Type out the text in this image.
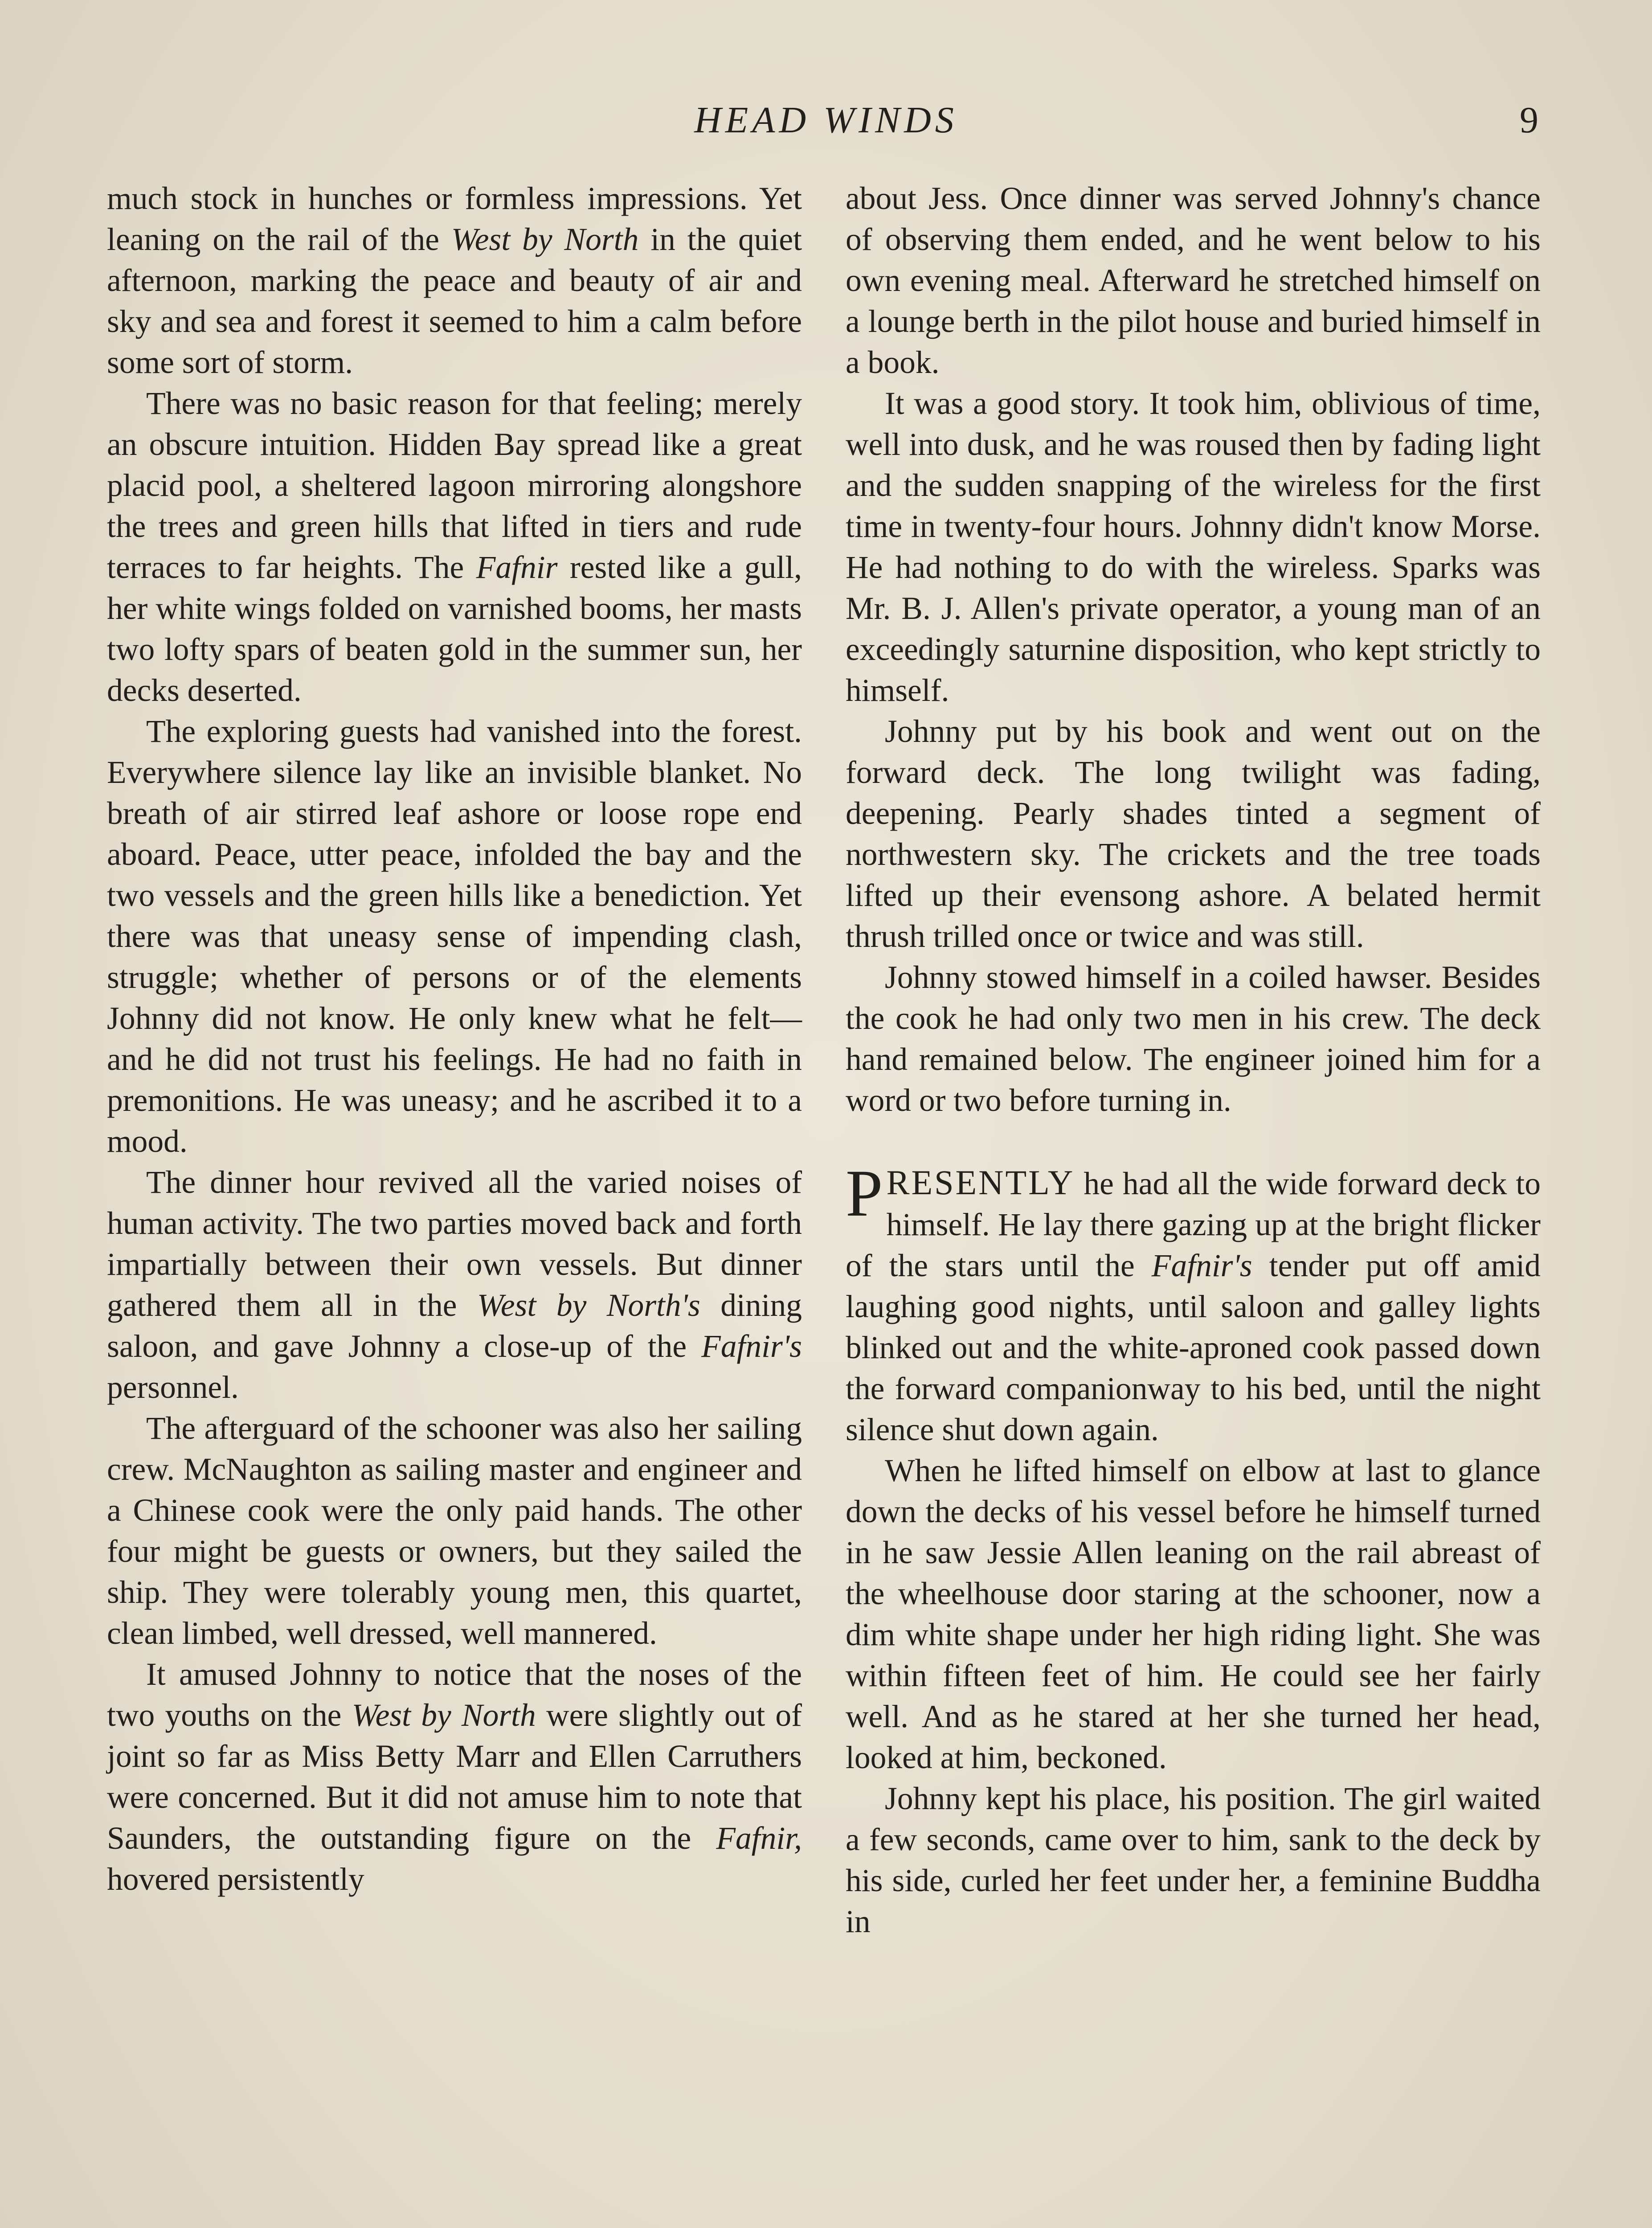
HEAD WINDS	9

much stock in hunches or formless impressions. Yet leaning on the rail of the West by North in the quiet afternoon, marking the peace and beauty of air and sky and sea and forest it seemed to him a calm before some sort of storm.

There was no basic reason for that feeling; merely an obscure intuition. Hidden Bay spread like a great placid pool, a sheltered lagoon mirroring alongshore the trees and green hills that lifted in tiers and rude terraces to far heights. The Fafnir rested like a gull, her white wings folded on varnished booms, her masts two lofty spars of beaten gold in the summer sun, her decks deserted.

The exploring guests had vanished into the forest. Everywhere silence lay like an invisible blanket. No breath of air stirred leaf ashore or loose rope end aboard. Peace, utter peace, infolded the bay and the two vessels and the green hills like a benediction. Yet there was that uneasy sense of impending clash, struggle; whether of persons or of the elements Johnny did not know. He only knew what he felt—and he did not trust his feelings. He had no faith in premonitions. He was uneasy; and he ascribed it to a mood.

The dinner hour revived all the varied noises of human activity. The two parties moved back and forth impartially between their own vessels. But dinner gathered them all in the West by North's dining saloon, and gave Johnny a close-up of the Fafnir's personnel.

The afterguard of the schooner was also her sailing crew. McNaughton as sailing master and engineer and a Chinese cook were the only paid hands. The other four might be guests or owners, but they sailed the ship. They were tolerably young men, this quartet, clean limbed, well dressed, well mannered.

It amused Johnny to notice that the noses of the two youths on the West by North were slightly out of joint so far as Miss Betty Marr and Ellen Carruthers were concerned. But it did not amuse him to note that Saunders, the outstanding figure on the Fafnir, hovered persistently

about Jess. Once dinner was served Johnny's chance of observing them ended, and he went below to his own evening meal. Afterward he stretched himself on a lounge berth in the pilot house and buried himself in a book.

It was a good story. It took him, oblivious of time, well into dusk, and he was roused then by fading light and the sudden snapping of the wireless for the first time in twenty-four hours. Johnny didn't know Morse. He had nothing to do with the wireless. Sparks was Mr. B. J. Allen's private operator, a young man of an exceedingly saturnine disposition, who kept strictly to himself.

Johnny put by his book and went out on the forward deck. The long twilight was fading, deepening. Pearly shades tinted a segment of northwestern sky. The crickets and the tree toads lifted up their evensong ashore. A belated hermit thrush trilled once or twice and was still.

Johnny stowed himself in a coiled hawser. Besides the cook he had only two men in his crew. The deck hand remained below. The engineer joined him for a word or two before turning in.

PRESENTLY he had all the wide forward deck to himself. He lay there gazing up at the bright flicker of the stars until the Fafnir's tender put off amid laughing good nights, until saloon and galley lights blinked out and the white-aproned cook passed down the forward companionway to his bed, until the night silence shut down again.

When he lifted himself on elbow at last to glance down the decks of his vessel before he himself turned in he saw Jessie Allen leaning on the rail abreast of the wheelhouse door staring at the schooner, now a dim white shape under her high riding light. She was within fifteen feet of him. He could see her fairly well. And as he stared at her she turned her head, looked at him, beckoned.

Johnny kept his place, his position. The girl waited a few seconds, came over to him, sank to the deck by his side, curled her feet under her, a feminine Buddha in
